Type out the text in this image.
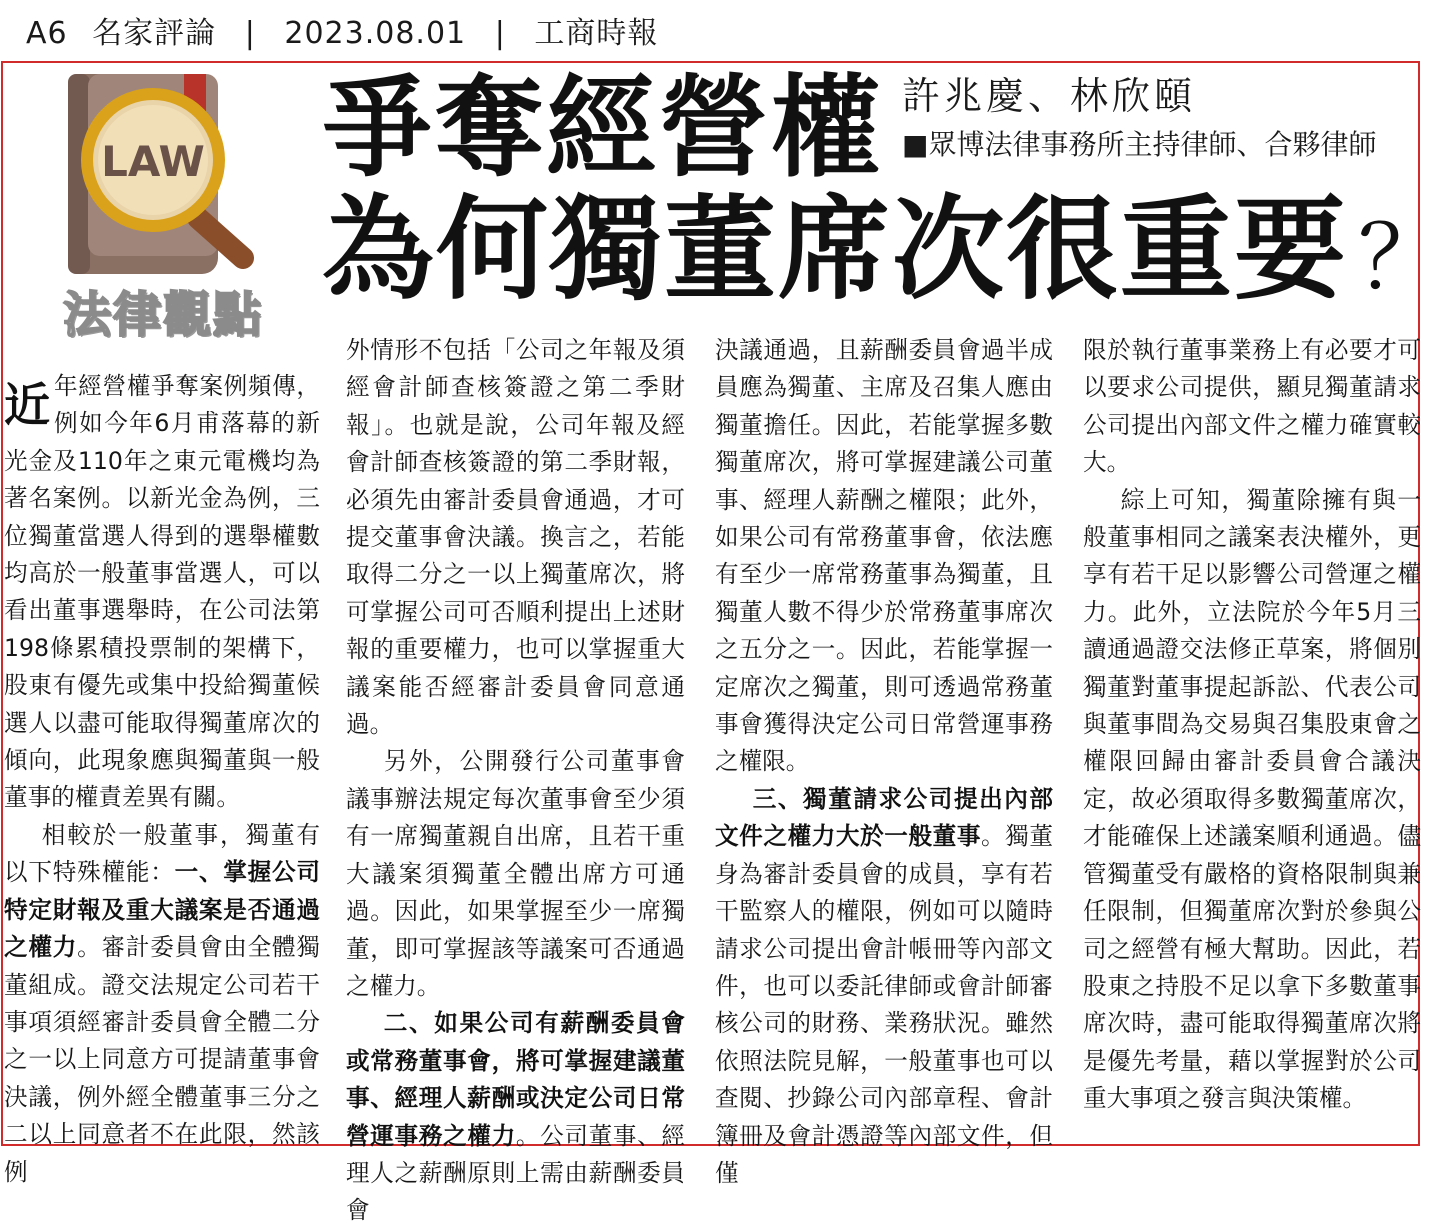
A6 名家評論 | 2023.08.01 | 工商時報
LAW
法律觀點
爭奪經營權
為何獨董席次很重要 ？
許兆慶、林欣頤
■眾博法律事務所主持律師、合夥律師

近年經營權爭奪案例頻傳，例如今年6月甫落幕的新光金及110年之東元電機均為著名案例。以新光金為例，三位獨董當選人得到的選舉權數均高於一般董事當選人，可以看出董事選舉時，在公司法第198條累積投票制的架構下，股東有優先或集中投給獨董候選人以盡可能取得獨董席次的傾向，此現象應與獨董與一般董事的權責差異有關。

相較於一般董事，獨董有以下特殊權能：一、掌握公司特定財報及重大議案是否通過之權力。審計委員會由全體獨董組成。證交法規定公司若干事項須經審計委員會全體二分之一以上同意方可提請董事會決議，例外經全體董事三分之二以上同意者不在此限，然該例

外情形不包括「公司之年報及須經會計師查核簽證之第二季財報」。也就是說，公司年報及經會計師查核簽證的第二季財報，必須先由審計委員會通過，才可提交董事會決議。換言之，若能取得二分之一以上獨董席次，將可掌握公司可否順利提出上述財報的重要權力，也可以掌握重大議案能否經審計委員會同意通過。

另外，公開發行公司董事會議事辦法規定每次董事會至少須有一席獨董親自出席，且若干重大議案須獨董全體出席方可通過。因此，如果掌握至少一席獨董，即可掌握該等議案可否通過之權力。

二、如果公司有薪酬委員會或常務董事會，將可掌握建議董事、經理人薪酬或決定公司日常營運事務之權力。公司董事、經理人之薪酬原則上需由薪酬委員會

決議通過，且薪酬委員會過半成員應為獨董、主席及召集人應由獨董擔任。因此，若能掌握多數獨董席次，將可掌握建議公司董事、經理人薪酬之權限；此外，如果公司有常務董事會，依法應有至少一席常務董事為獨董，且獨董人數不得少於常務董事席次之五分之一。因此，若能掌握一定席次之獨董，則可透過常務董事會獲得決定公司日常營運事務之權限。

三、獨董請求公司提出內部文件之權力大於一般董事。獨董身為審計委員會的成員，享有若干監察人的權限，例如可以隨時請求公司提出會計帳冊等內部文件，也可以委託律師或會計師審核公司的財務、業務狀況。雖然依照法院見解，一般董事也可以查閱、抄錄公司內部章程、會計簿冊及會計憑證等內部文件，但僅

限於執行董事業務上有必要才可以要求公司提供，顯見獨董請求公司提出內部文件之權力確實較大。

綜上可知，獨董除擁有與一般董事相同之議案表決權外，更享有若干足以影響公司營運之權力。此外，立法院於今年5月三讀通過證交法修正草案，將個別獨董對董事提起訴訟、代表公司與董事間為交易與召集股東會之權限回歸由審計委員會合議決定，故必須取得多數獨董席次，才能確保上述議案順利通過。儘管獨董受有嚴格的資格限制與兼任限制，但獨董席次對於參與公司之經營有極大幫助。因此，若股東之持股不足以拿下多數董事席次時，盡可能取得獨董席次將是優先考量，藉以掌握對於公司重大事項之發言與決策權。
